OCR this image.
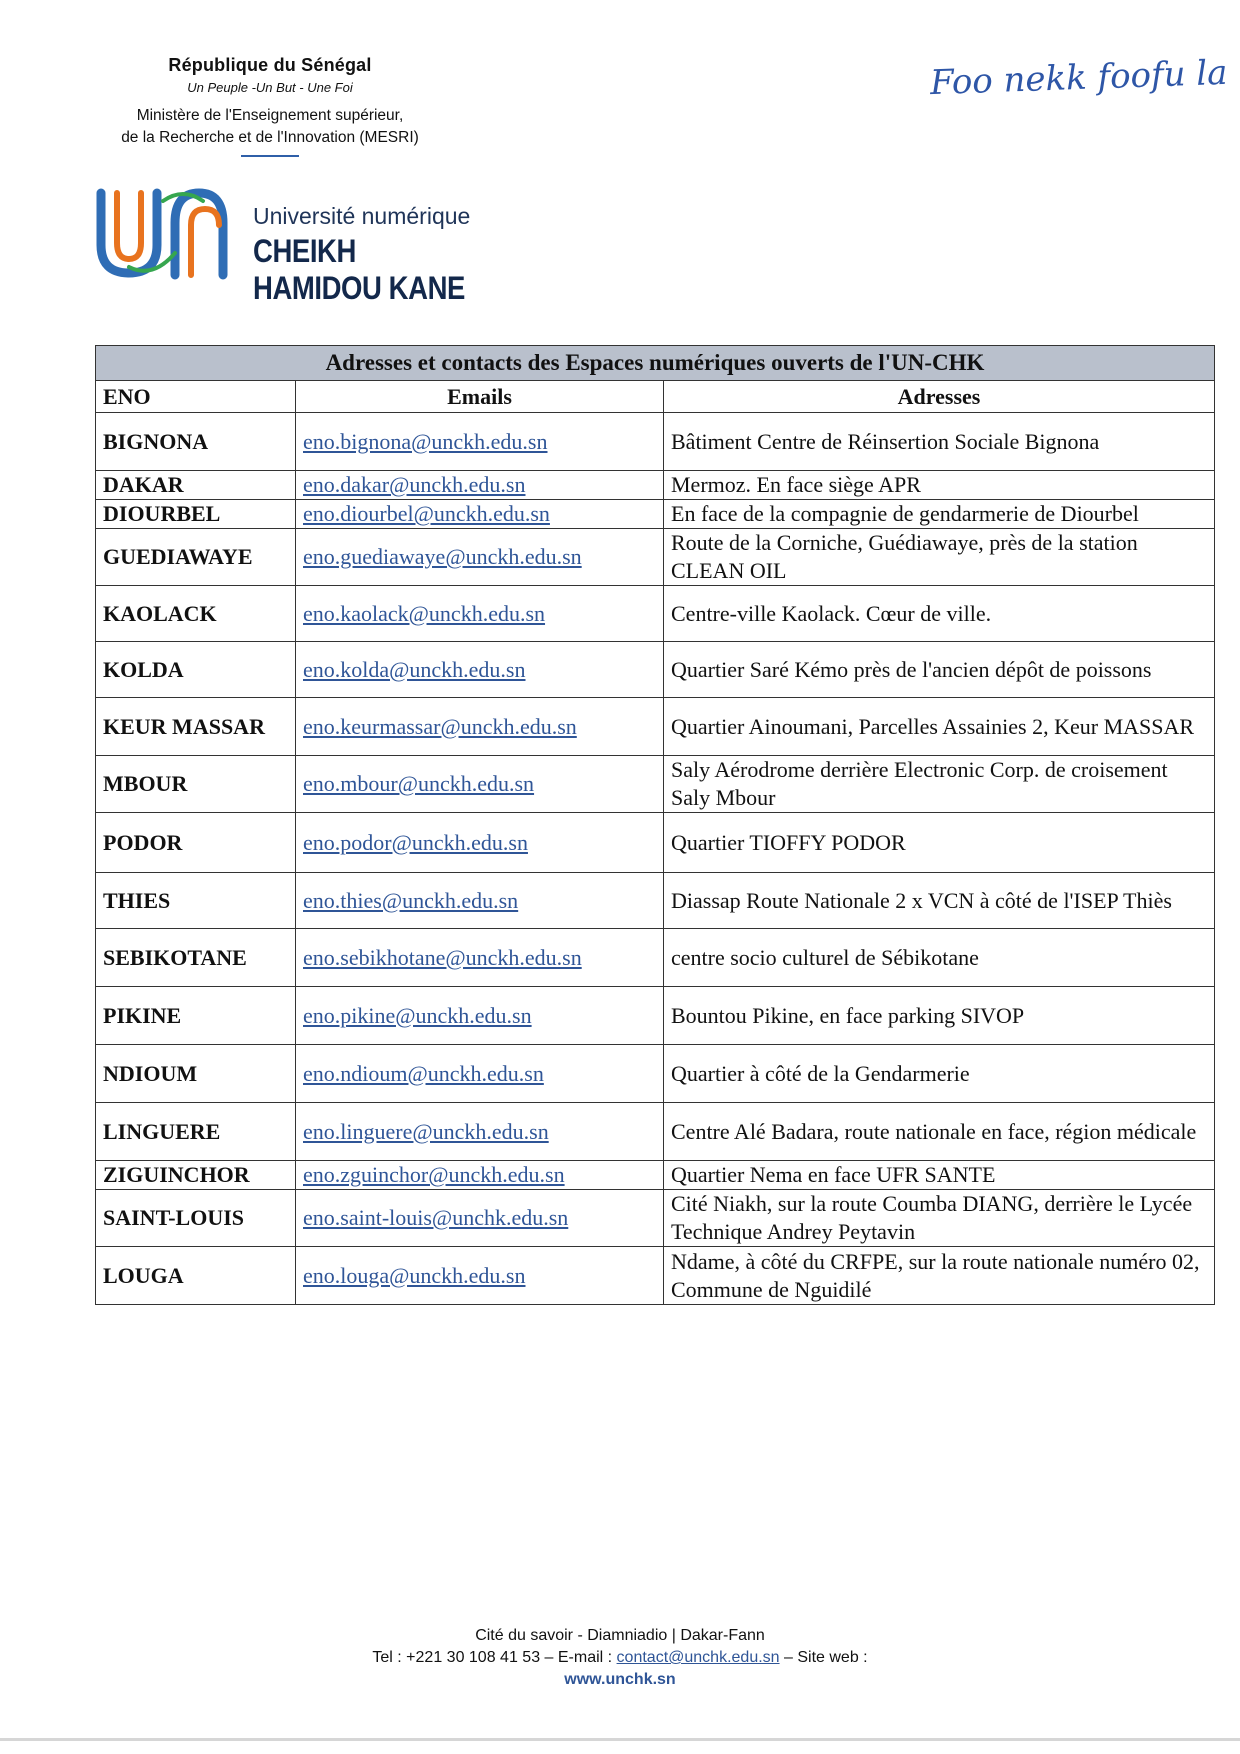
République du Sénégal
Un Peuple -Un But - Une Foi
Ministère de l'Enseignement supérieur,
de la Recherche et de l'Innovation (MESRI)
Foo nekk foofu la
Université numérique
CHEIKH HAMIDOU KANE
Adresses et contacts des Espaces numériques ouverts de l'UN-CHK		
ENO	Emails	Adresses
BIGNONA	eno.bignona@unckh.edu.sn	Bâtiment Centre de Réinsertion Sociale Bignona
DAKAR	eno.dakar@unckh.edu.sn	Mermoz. En face siège APR
DIOURBEL	eno.diourbel@unckh.edu.sn	En face de la compagnie de gendarmerie de Diourbel
GUEDIAWAYE	eno.guediawaye@unckh.edu.sn	Route de la Corniche, Guédiawaye, près de la station CLEAN OIL
KAOLACK	eno.kaolack@unckh.edu.sn	Centre-ville Kaolack. Cœur de ville.
KOLDA	eno.kolda@unckh.edu.sn	Quartier Saré Kémo près de l'ancien dépôt de poissons
KEUR MASSAR	eno.keurmassar@unckh.edu.sn	Quartier Ainoumani, Parcelles Assainies 2, Keur MASSAR
MBOUR	eno.mbour@unckh.edu.sn	Saly Aérodrome derrière Electronic Corp. de croisement Saly Mbour
PODOR	eno.podor@unckh.edu.sn	Quartier TIOFFY PODOR
THIES	eno.thies@unckh.edu.sn	Diassap Route Nationale 2 x VCN à côté de l'ISEP Thiès
SEBIKOTANE	eno.sebikhotane@unckh.edu.sn	centre socio culturel de Sébikotane
PIKINE	eno.pikine@unckh.edu.sn	Bountou Pikine, en face parking SIVOP
NDIOUM	eno.ndioum@unckh.edu.sn	Quartier à côté de la Gendarmerie
LINGUERE	eno.linguere@unckh.edu.sn	Centre Alé Badara, route nationale en face, région médicale
ZIGUINCHOR	eno.zguinchor@unckh.edu.sn	Quartier Nema en face UFR SANTE
SAINT-LOUIS	eno.saint-louis@unchk.edu.sn	Cité Niakh, sur la route Coumba DIANG, derrière le Lycée Technique Andrey Peytavin
LOUGA	eno.louga@unckh.edu.sn	Ndame, à côté du CRFPE, sur la route nationale numéro 02, Commune de Nguidilé
Cité du savoir - Diamniadio | Dakar-Fann
Tel : +221 30 108 41 53 – E-mail : contact@unchk.edu.sn – Site web :
www.unchk.sn
